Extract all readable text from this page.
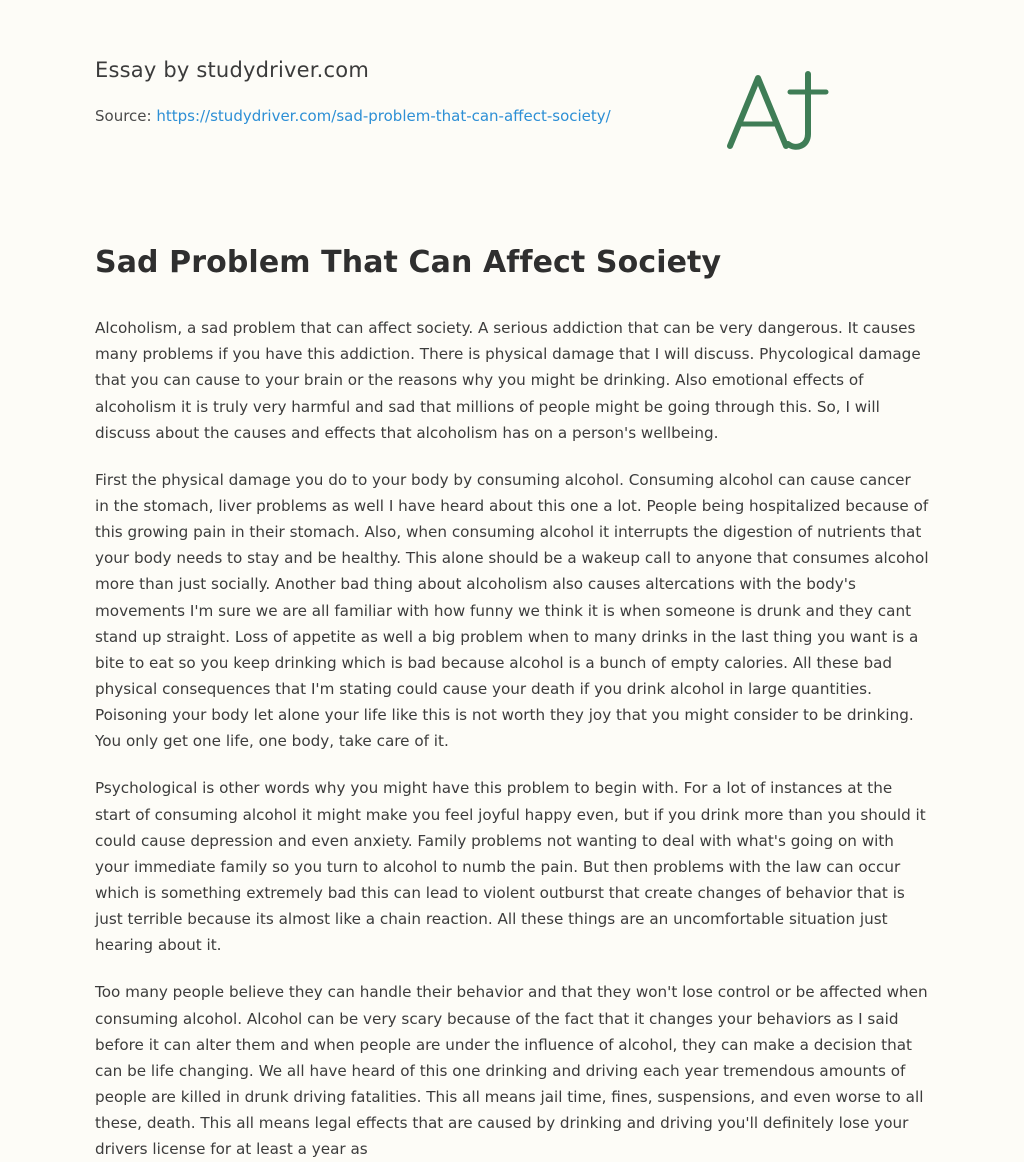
Essay by studydriver.com
Source: https://studydriver.com/sad-problem-that-can-affect-society/
Sad Problem That Can Affect Society

Alcoholism, a sad problem that can affect society. A serious addiction that can be very dangerous. It causes many problems if you have this addiction. There is physical damage that I will discuss. Phycological damage that you can cause to your brain or the reasons why you might be drinking. Also emotional effects of alcoholism it is truly very harmful and sad that millions of people might be going through this. So, I will discuss about the causes and effects that alcoholism has on a person's wellbeing.

First the physical damage you do to your body by consuming alcohol. Consuming alcohol can cause cancer in the stomach, liver problems as well I have heard about this one a lot. People being hospitalized because of this growing pain in their stomach. Also, when consuming alcohol it interrupts the digestion of nutrients that your body needs to stay and be healthy. This alone should be a wakeup call to anyone that consumes alcohol more than just socially. Another bad thing about alcoholism also causes altercations with the body's movements I'm sure we are all familiar with how funny we think it is when someone is drunk and they cant stand up straight. Loss of appetite as well a big problem when to many drinks in the last thing you want is a bite to eat so you keep drinking which is bad because alcohol is a bunch of empty calories. All these bad physical consequences that I'm stating could cause your death if you drink alcohol in large quantities. Poisoning your body let alone your life like this is not worth they joy that you might consider to be drinking. You only get one life, one body, take care of it.

Psychological is other words why you might have this problem to begin with. For a lot of instances at the start of consuming alcohol it might make you feel joyful happy even, but if you drink more than you should it could cause depression and even anxiety. Family problems not wanting to deal with what's going on with your immediate family so you turn to alcohol to numb the pain. But then problems with the law can occur which is something extremely bad this can lead to violent outburst that create changes of behavior that is just terrible because its almost like a chain reaction. All these things are an uncomfortable situation just hearing about it.

Too many people believe they can handle their behavior and that they won't lose control or be affected when consuming alcohol. Alcohol can be very scary because of the fact that it changes your behaviors as I said before it can alter them and when people are under the influence of alcohol, they can make a decision that can be life changing. We all have heard of this one drinking and driving each year tremendous amounts of people are killed in drunk driving fatalities. This all means jail time, fines, suspensions, and even worse to all these, death. This all means legal effects that are caused by drinking and driving you'll definitely lose your drivers license for at least a year as
